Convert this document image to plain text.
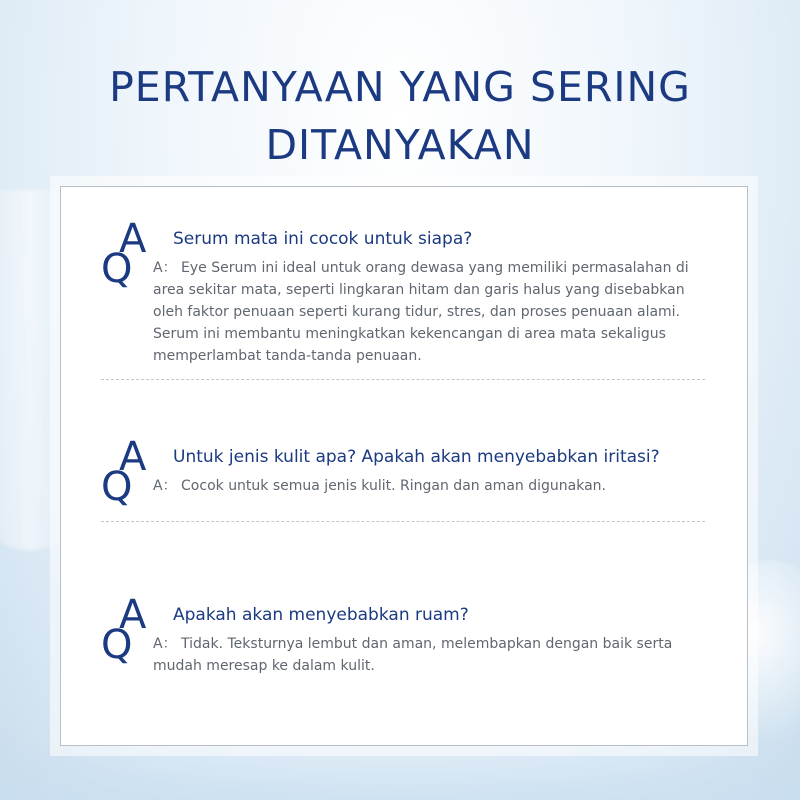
PERTANYAAN YANG SERING
DITANYAKAN
A
Q
Serum mata ini cocok untuk siapa?

A： Eye Serum ini ideal untuk orang dewasa yang memiliki permasalahan di area sekitar mata, seperti lingkaran hitam dan garis halus yang disebabkan oleh faktor penuaan seperti kurang tidur, stres, dan proses penuaan alami. Serum ini membantu meningkatkan kekencangan di area mata sekaligus memperlambat tanda-tanda penuaan.

A
Q
Untuk jenis kulit apa? Apakah akan menyebabkan iritasi?

A： Cocok untuk semua jenis kulit. Ringan dan aman digunakan.

A
Q
Apakah akan menyebabkan ruam?

A： Tidak. Teksturnya lembut dan aman, melembapkan dengan baik serta mudah meresap ke dalam kulit.
